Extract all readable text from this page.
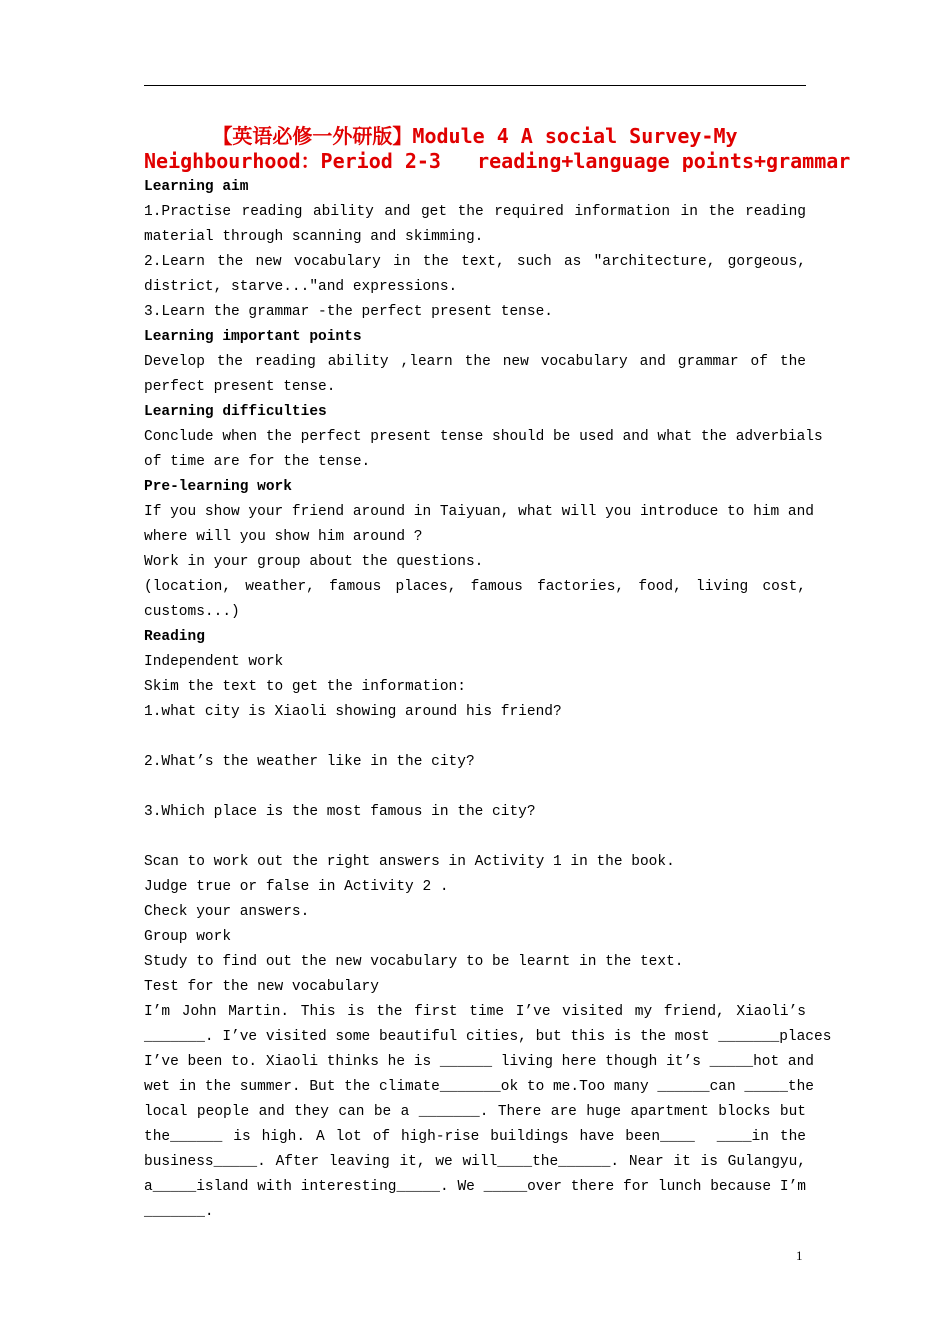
【英语必修一外研版】Module 4 A social Survey-My
Neighbourhood：Period 2-3   reading+language points+grammar
Learning aim
1.Practise reading ability and get the required information in the reading
material through scanning and skimming.
2.Learn the new vocabulary in the text, such as "architecture, gorgeous,
district, starve..."and expressions.
3.Learn the grammar -the perfect present tense.
Learning important points
Develop the reading ability ,learn the new vocabulary and grammar of the
perfect present tense.
Learning difficulties
Conclude when the perfect present tense should be used and what the adverbials
of time are for the tense.
Pre-learning work
If you show your friend around in Taiyuan, what will you introduce to him and
where will you show him around ?
Work in your group about the questions.
(location, weather, famous places, famous factories, food, living cost,
customs...)
Reading
Independent work
Skim the text to get the information:
1.what city is Xiaoli showing around his friend?
2.What’s the weather like in the city?
3.Which place is the most famous in the city?
Scan to work out the right answers in Activity 1 in the book.
Judge true or false in Activity 2 .
Check your answers.
Group work
Study to find out the new vocabulary to be learnt in the text.
Test for the new vocabulary
I’m John Martin. This is the first time I’ve visited my friend, Xiaoli’s
_______. I’ve visited some beautiful cities, but this is the most _______places
I’ve been to. Xiaoli thinks he is ______ living here though it’s _____hot and
wet in the summer. But the climate_______ok to me.Too many ______can _____the
local people and they can be a _______. There are huge apartment blocks but
the______ is high. A lot of high-rise buildings have been____  ____in the
business_____. After leaving it, we will____the______. Near it is Gulangyu,
a_____island with interesting_____. We _____over there for lunch because I’m
_______.
1
